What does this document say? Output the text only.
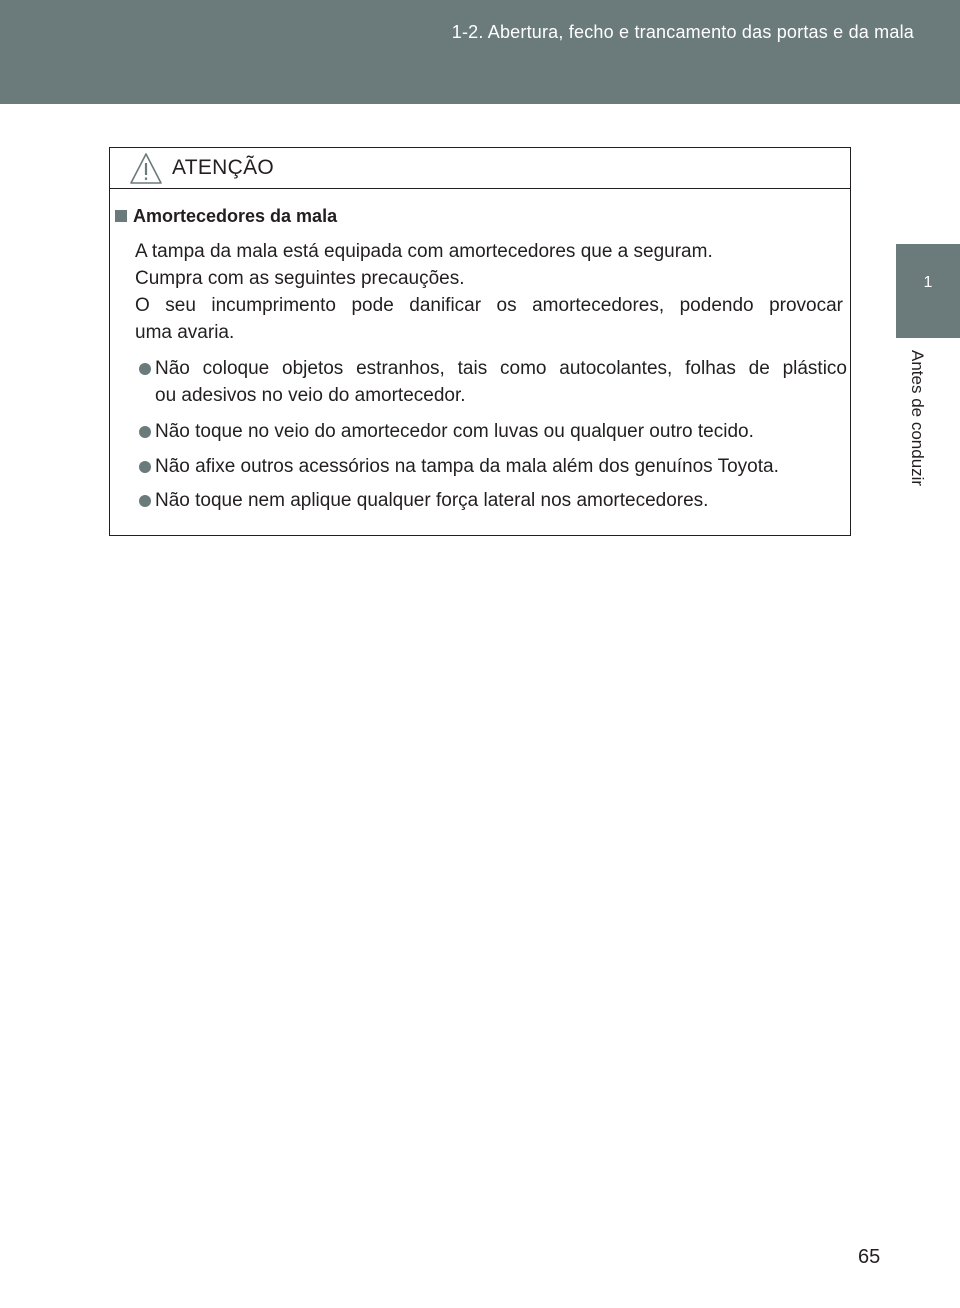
1-2. Abertura, fecho e trancamento das portas e da mala
1
Antes de conduzir
ATENÇÃO
Amortecedores da mala

A tampa da mala está equipada com amortecedores que a seguram.

Cumpra com as seguintes precauções.

O seu incumprimento pode danificar os amortecedores, podendo provocar

uma avaria.

Não coloque objetos estranhos, tais como autocolantes, folhas de plástico
ou adesivos no veio do amortecedor.
Não toque no veio do amortecedor com luvas ou qualquer outro tecido.
Não afixe outros acessórios na tampa da mala além dos genuínos Toyota.
Não toque nem aplique qualquer força lateral nos amortecedores.
65
